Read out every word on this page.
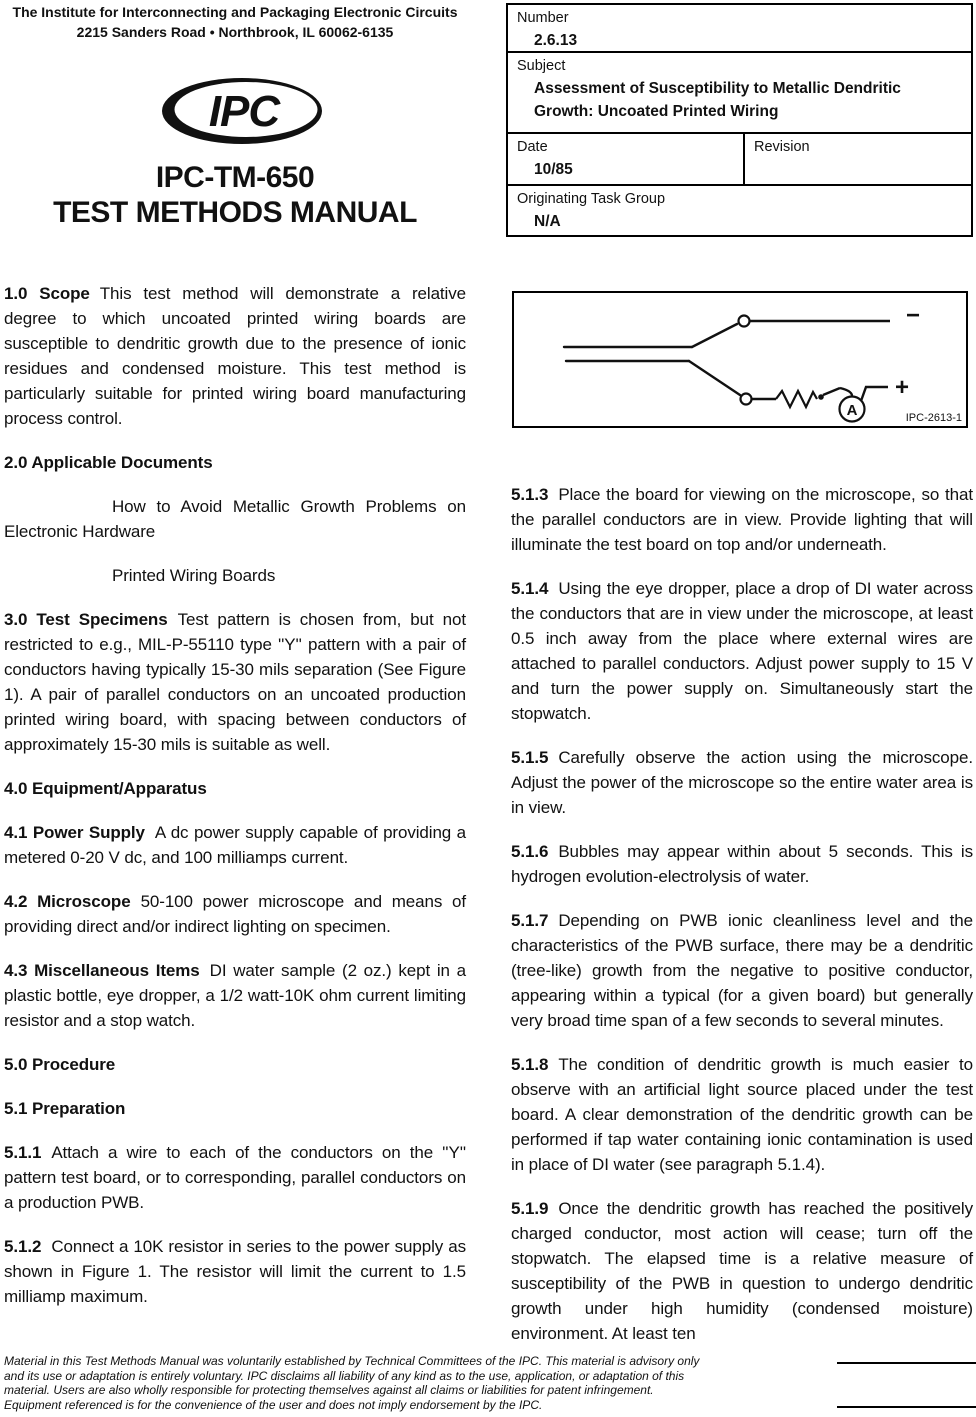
The Institute for Interconnecting and Packaging Electronic Circuits
2215 Sanders Road • Northbrook, IL 60062-6135
IPC
IPC-TM-650
TEST METHODS MANUAL
Number
2.6.13
Subject
Assessment of Susceptibility to Metallic Dendritic Growth: Uncoated Printed Wiring
Date
10/85
Revision
Originating Task Group
N/A
−
A
+
IPC-2613-1

1.0 Scope This test method will demonstrate a relative degree to which uncoated printed wiring boards are susceptible to dendritic growth due to the presence of ionic residues and condensed moisture. This test method is particularly suitable for printed wiring board manufacturing process control.

2.0 Applicable Documents

How to Avoid Metallic Growth Problems on Electronic Hardware

Printed Wiring Boards

3.0 Test Specimens Test pattern is chosen from, but not restricted to e.g., MIL-P-55110 type ''Y'' pattern with a pair of conductors having typically 15-30 mils separation (See Figure 1). A pair of parallel conductors on an uncoated production printed wiring board, with spacing between conductors of approximately 15-30 mils is suitable as well.

4.0 Equipment/Apparatus

4.1 Power Supply A dc power supply capable of providing a metered 0-20 V dc, and 100 milliamps current.

4.2 Microscope 50-100 power microscope and means of providing direct and/or indirect lighting on specimen.

4.3 Miscellaneous Items DI water sample (2 oz.) kept in a plastic bottle, eye dropper, a 1/2 watt-10K ohm current limiting resistor and a stop watch.

5.0 Procedure

5.1 Preparation

5.1.1 Attach a wire to each of the conductors on the ''Y'' pattern test board, or to corresponding, parallel conductors on a production PWB.

5.1.2 Connect a 10K resistor in series to the power supply as shown in Figure 1. The resistor will limit the current to 1.5 milliamp maximum.

5.1.3 Place the board for viewing on the microscope, so that the parallel conductors are in view. Provide lighting that will illuminate the test board on top and/or underneath.

5.1.4 Using the eye dropper, place a drop of DI water across the conductors that are in view under the microscope, at least 0.5 inch away from the place where external wires are attached to parallel conductors. Adjust power supply to 15 V and turn the power supply on. Simultaneously start the stopwatch.

5.1.5 Carefully observe the action using the microscope. Adjust the power of the microscope so the entire water area is in view.

5.1.6 Bubbles may appear within about 5 seconds. This is hydrogen evolution-electrolysis of water.

5.1.7 Depending on PWB ionic cleanliness level and the characteristics of the PWB surface, there may be a dendritic (tree-like) growth from the negative to positive conductor, appearing within a typical (for a given board) but generally very broad time span of a few seconds to several minutes.

5.1.8 The condition of dendritic growth is much easier to observe with an artificial light source placed under the test board. A clear demonstration of the dendritic growth can be performed if tap water containing ionic contamination is used in place of DI water (see paragraph 5.1.4).

5.1.9 Once the dendritic growth has reached the positively charged conductor, most action will cease; turn off the stopwatch. The elapsed time is a relative measure of susceptibility of the PWB in question to undergo dendritic growth under high humidity (condensed moisture) environment. At least ten

Material in this Test Methods Manual was voluntarily established by Technical Committees of the IPC. This material is advisory only
and its use or adaptation is entirely voluntary. IPC disclaims all liability of any kind as to the use, application, or adaptation of this
material. Users are also wholly responsible for protecting themselves against all claims or liabilities for patent infringement.
Equipment referenced is for the convenience of the user and does not imply endorsement by the IPC.
